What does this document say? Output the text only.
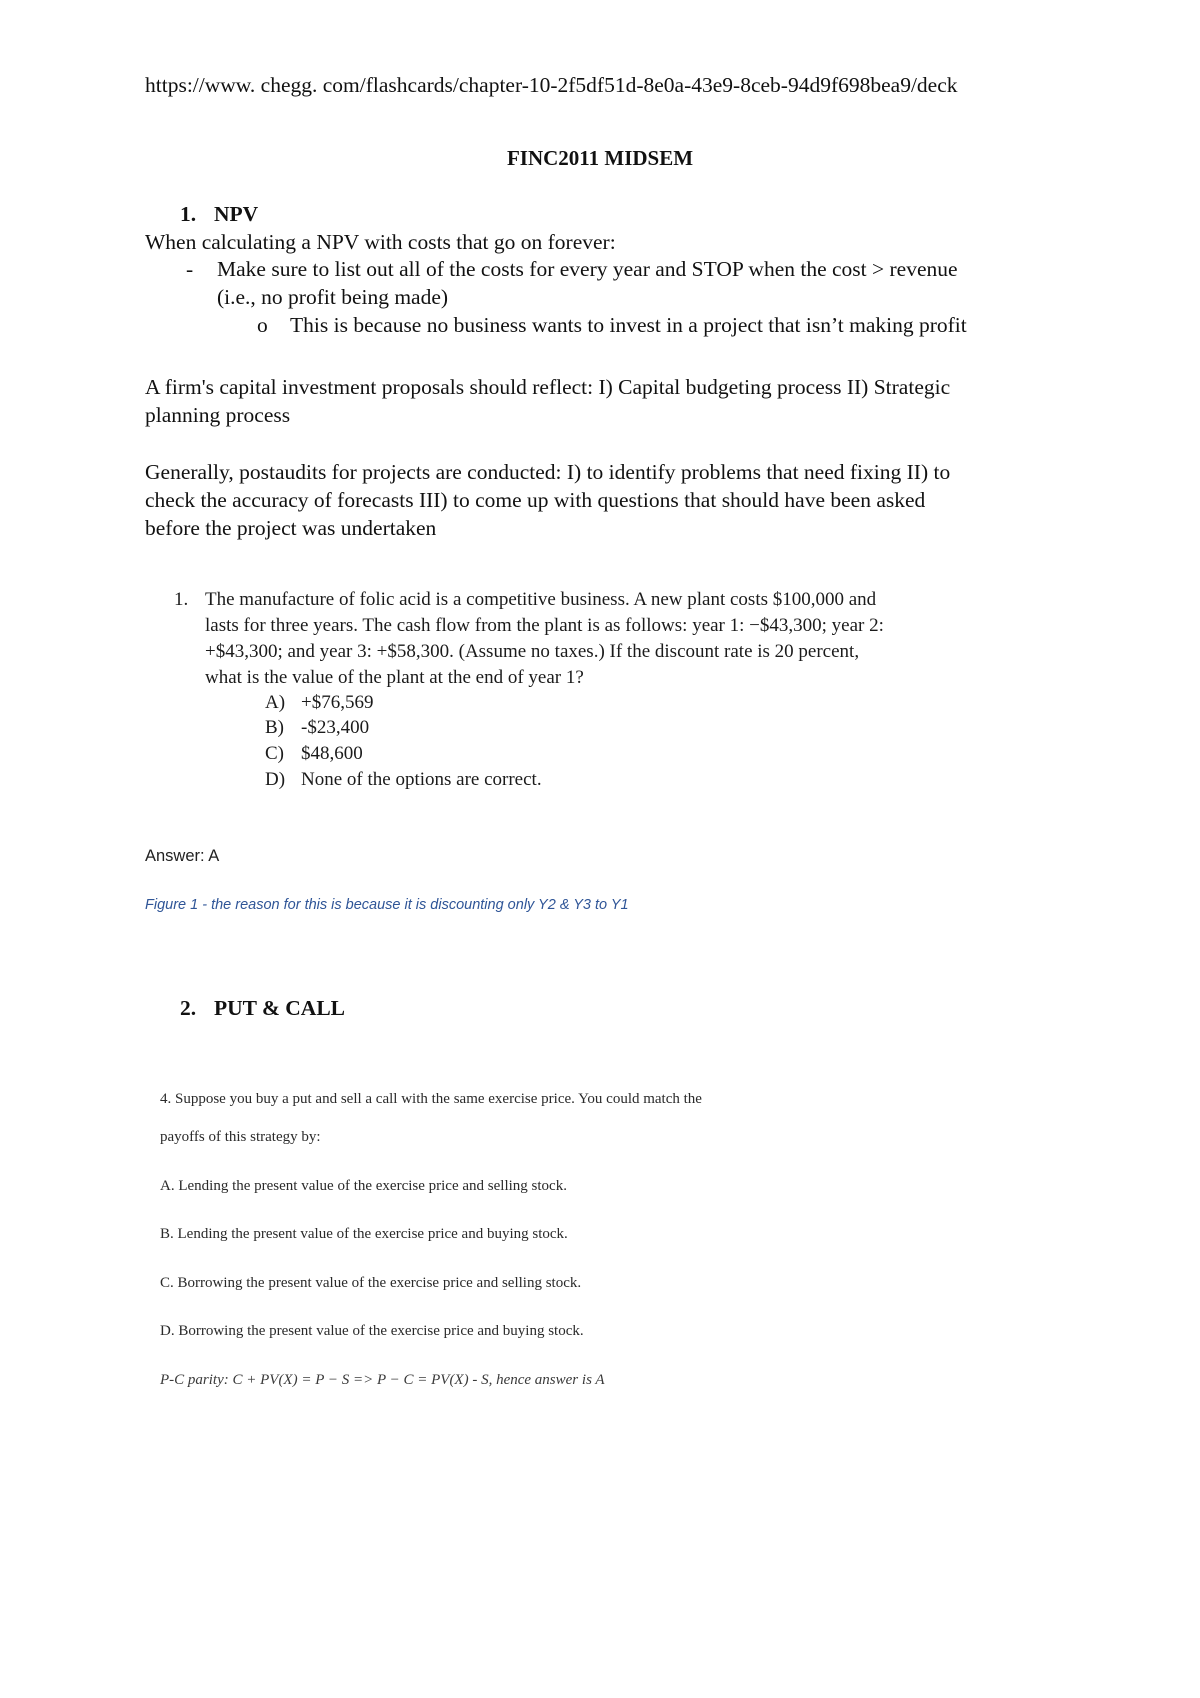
https://www. chegg. com/flashcards/chapter-10-2f5df51d-8e0a-43e9-8ceb-94d9f698bea9/deck
FINC2011 MIDSEM
1. NPV
When calculating a NPV with costs that go on forever:
- Make sure to list out all of the costs for every year and STOP when the cost > revenue
(i.e., no profit being made)
o This is because no business wants to invest in a project that isn’t making profit
A firm's capital investment proposals should reflect: I) Capital budgeting process II) Strategic
planning process
Generally, postaudits for projects are conducted: I) to identify problems that need fixing II) to
check the accuracy of forecasts III) to come up with questions that should have been asked
before the project was undertaken
1. The manufacture of folic acid is a competitive business. A new plant costs $100,000 and
lasts for three years. The cash flow from the plant is as follows: year 1: −$43,300; year 2:
+$43,300; and year 3: +$58,300. (Assume no taxes.) If the discount rate is 20 percent,
what is the value of the plant at the end of year 1?
A) +$76,569
B) -$23,400
C) $48,600
D) None of the options are correct.
Answer: A
Figure 1 - the reason for this is because it is discounting only Y2 & Y3 to Y1
2. PUT & CALL
4. Suppose you buy a put and sell a call with the same exercise price. You could match the
payoffs of this strategy by:
A. Lending the present value of the exercise price and selling stock.
B. Lending the present value of the exercise price and buying stock.
C. Borrowing the present value of the exercise price and selling stock.
D. Borrowing the present value of the exercise price and buying stock.
P-C parity: C + PV(X) = P − S => P − C = PV(X) - S, hence answer is A
